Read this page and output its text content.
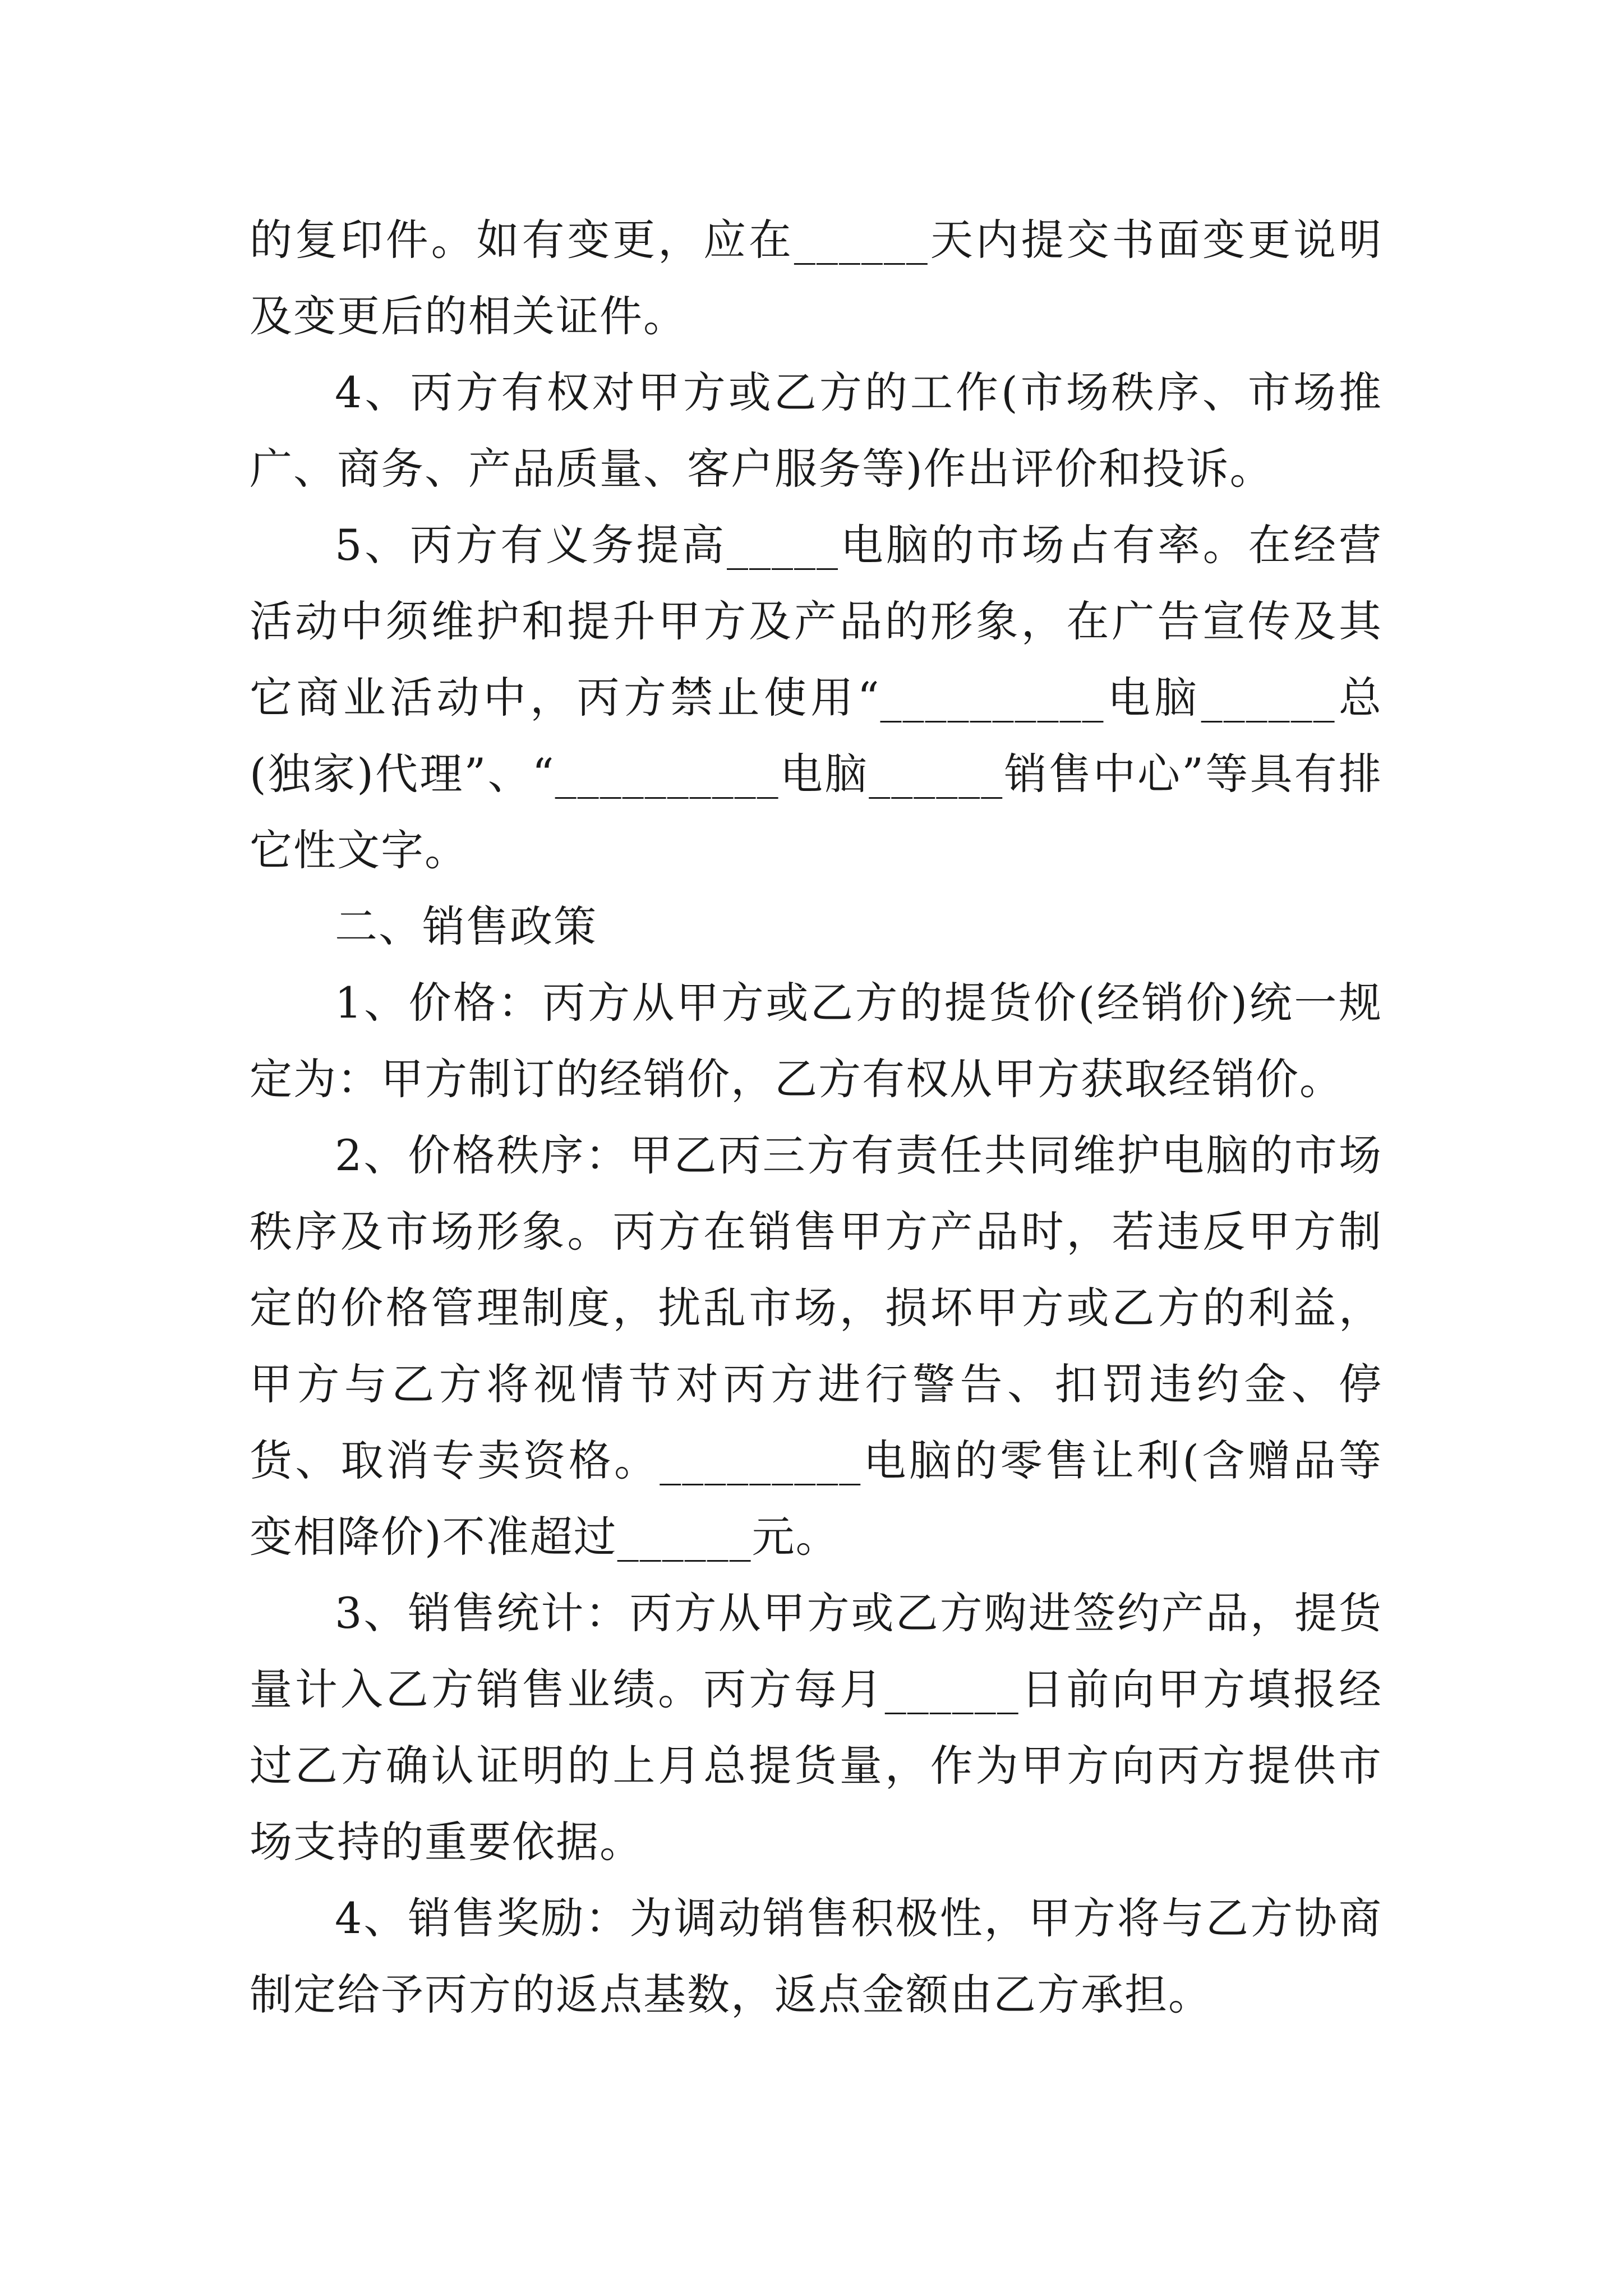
的复印件。如有变更，应在______天内提交书面变更说明及变更后的相关证件。

4、丙方有权对甲方或乙方的工作(市场秩序、市场推广、商务、产品质量、客户服务等)作出评价和投诉。

5、丙方有义务提高_____电脑的市场占有率。在经营活动中须维护和提升甲方及产品的形象，在广告宣传及其它商业活动中，丙方禁止使用“__________电脑______总(独家)代理”、“__________电脑______销售中心”等具有排它性文字。

二、销售政策

1、价格：丙方从甲方或乙方的提货价(经销价)统一规定为：甲方制订的经销价，乙方有权从甲方获取经销价。

2、价格秩序：甲乙丙三方有责任共同维护电脑的市场秩序及市场形象。丙方在销售甲方产品时，若违反甲方制定的价格管理制度，扰乱市场，损坏甲方或乙方的利益，甲方与乙方将视情节对丙方进行警告、扣罚违约金、停货、取消专卖资格。_________电脑的零售让利(含赠品等变相降价)不准超过______元。

3、销售统计：丙方从甲方或乙方购进签约产品，提货量计入乙方销售业绩。丙方每月______日前向甲方填报经过乙方确认证明的上月总提货量，作为甲方向丙方提供市场支持的重要依据。

4、销售奖励：为调动销售积极性，甲方将与乙方协商制定给予丙方的返点基数，返点金额由乙方承担。
